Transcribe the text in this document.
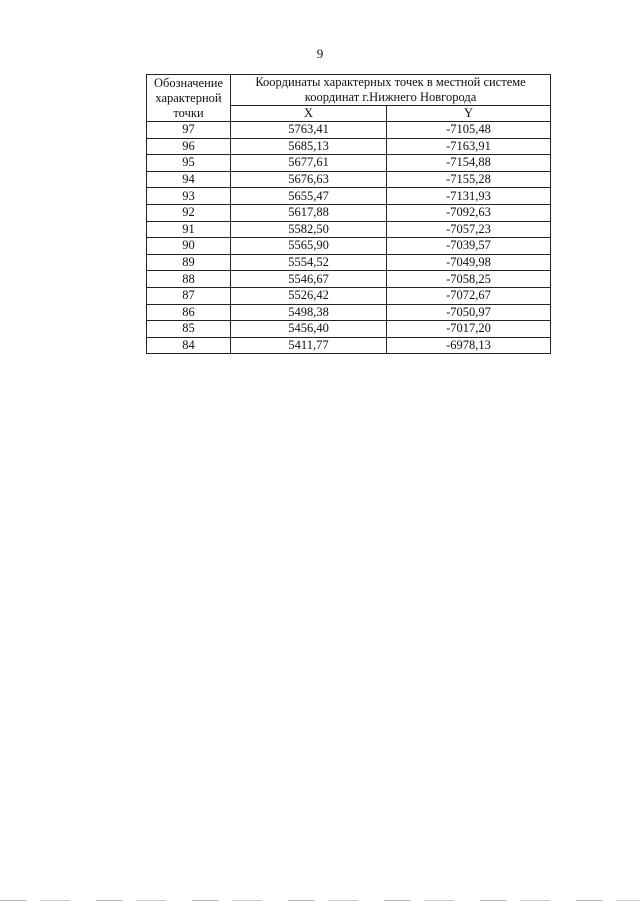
9
Обозначение характерной точки	Координаты характерных точек в местной системе координат г.Нижнего Новгорода	
	X	Y
97	5763,41	-7105,48
96	5685,13	-7163,91
95	5677,61	-7154,88
94	5676,63	-7155,28
93	5655,47	-7131,93
92	5617,88	-7092,63
91	5582,50	-7057,23
90	5565,90	-7039,57
89	5554,52	-7049,98
88	5546,67	-7058,25
87	5526,42	-7072,67
86	5498,38	-7050,97
85	5456,40	-7017,20
84	5411,77	-6978,13
